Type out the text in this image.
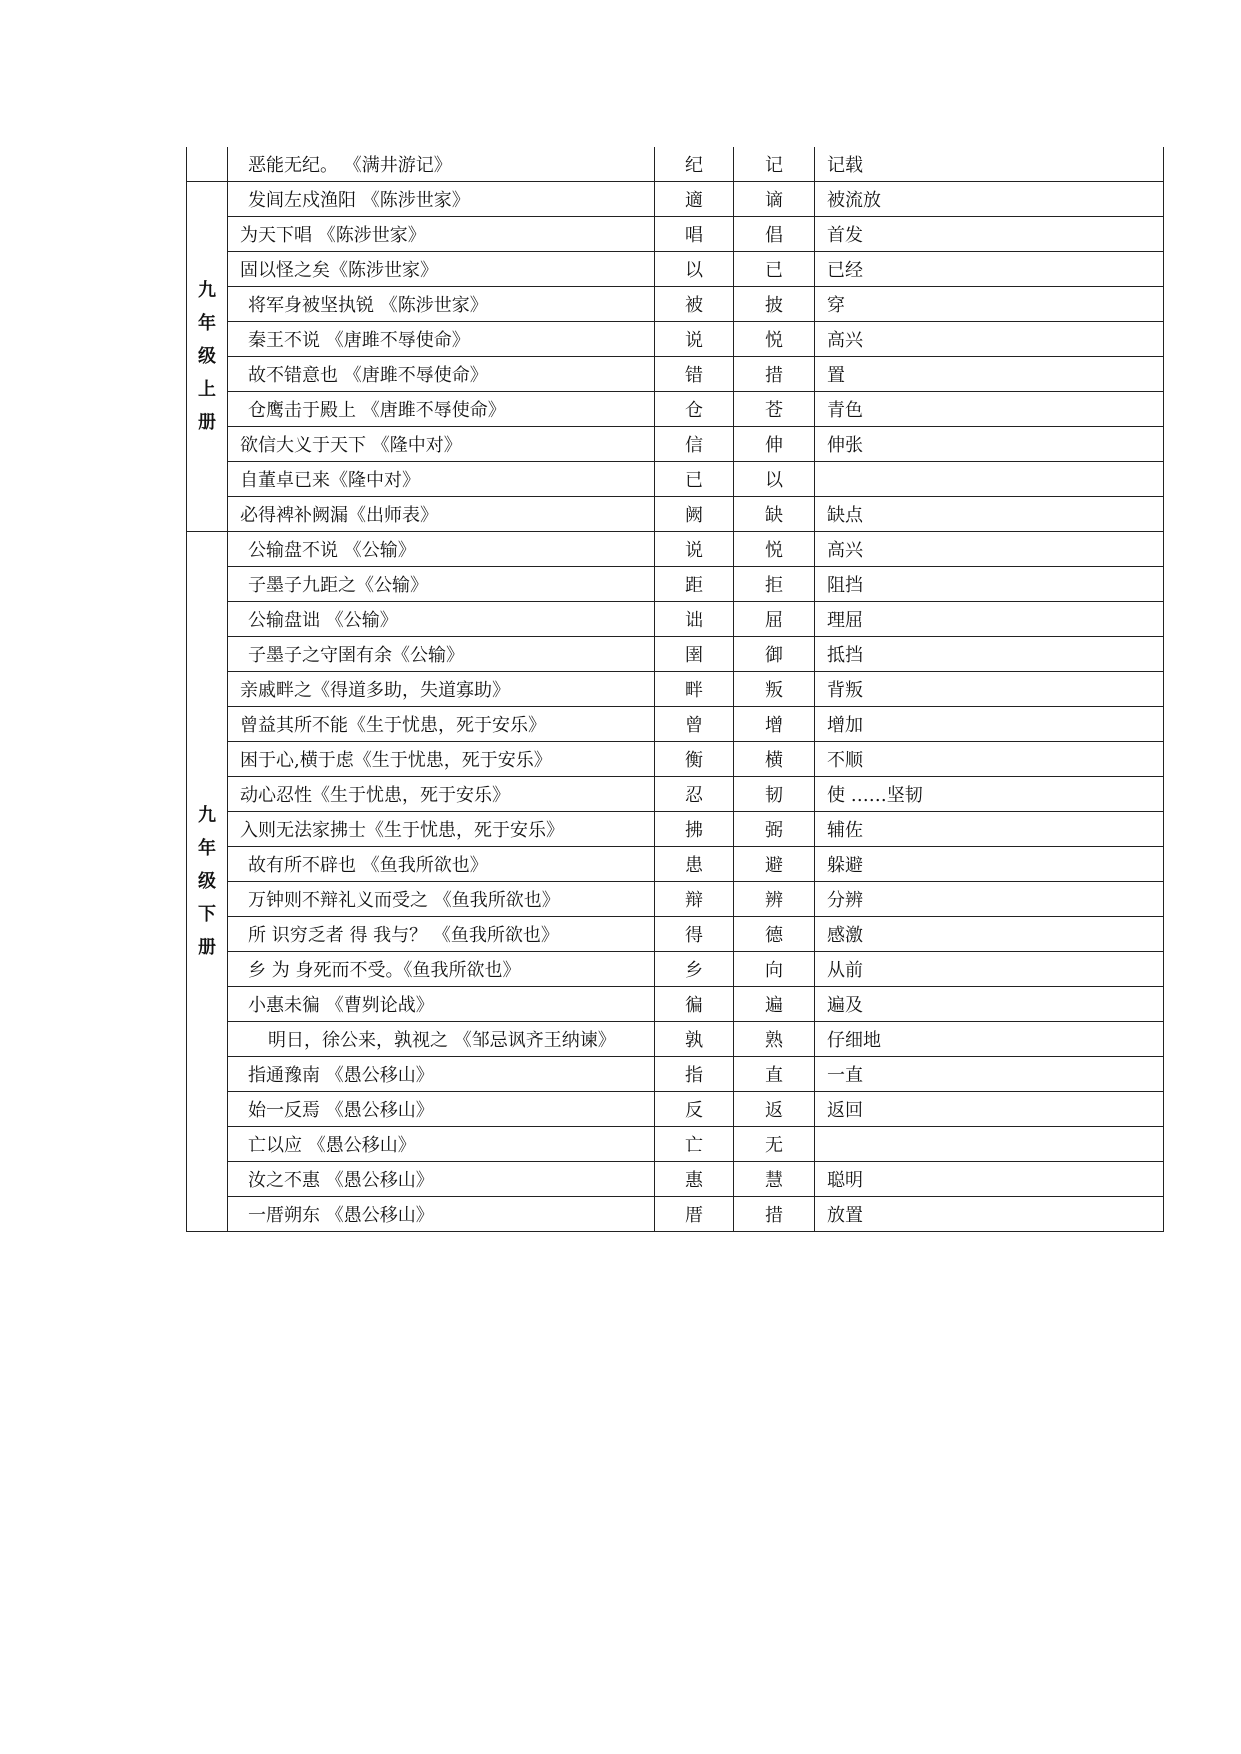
	恶能无纪。 《满井游记》	纪	记	记载

九
年
级
上
册	发闾左戍渔阳 《陈涉世家》	適	谪	被流放
	为天下唱 《陈涉世家》	唱	倡	首发
	固以怪之矣《陈涉世家》	以	已	已经
	将军身被坚执锐 《陈涉世家》	被	披	穿
	秦王不说 《唐雎不辱使命》	说	悦	高兴
	故不错意也 《唐雎不辱使命》	错	措	置
	仓鹰击于殿上 《唐雎不辱使命》	仓	苍	青色
	欲信大义于天下 《隆中对》	信	伸	伸张
	自董卓已来《隆中对》	已	以	
	必得裨补阙漏《出师表》	阙	缺	缺点

九
年
级
下
册	公输盘不说 《公输》	说	悦	高兴
	子墨子九距之《公输》	距	拒	阻挡
	公输盘诎 《公输》	诎	屈	理屈
	子墨子之守圉有余《公输》	圉	御	抵挡
	亲戚畔之《得道多助，失道寡助》	畔	叛	背叛
	曾益其所不能《生于忧患，死于安乐》	曾	增	增加
	困于心,横于虑《生于忧患，死于安乐》	衡	横	不顺
	动心忍性《生于忧患，死于安乐》	忍	韧	使 ……坚韧
	入则无法家拂士《生于忧患，死于安乐》	拂	弼	辅佐
	故有所不辟也 《鱼我所欲也》	患	避	躲避
	万钟则不辩礼义而受之 《鱼我所欲也》	辩	辨	分辨
	所 识穷乏者 得 我与？ 《鱼我所欲也》	得	德	感激
	乡 为 身死而不受。《鱼我所欲也》	乡	向	从前
	小惠未徧 《曹刿论战》	徧	遍	遍及
	明日，徐公来，孰视之 《邹忌讽齐王纳谏》	孰	熟	仔细地
	指通豫南 《愚公移山》	指	直	一直
	始一反焉 《愚公移山》	反	返	返回
	亡以应 《愚公移山》	亡	无	
	汝之不惠 《愚公移山》	惠	慧	聪明
	一厝朔东 《愚公移山》	厝	措	放置
